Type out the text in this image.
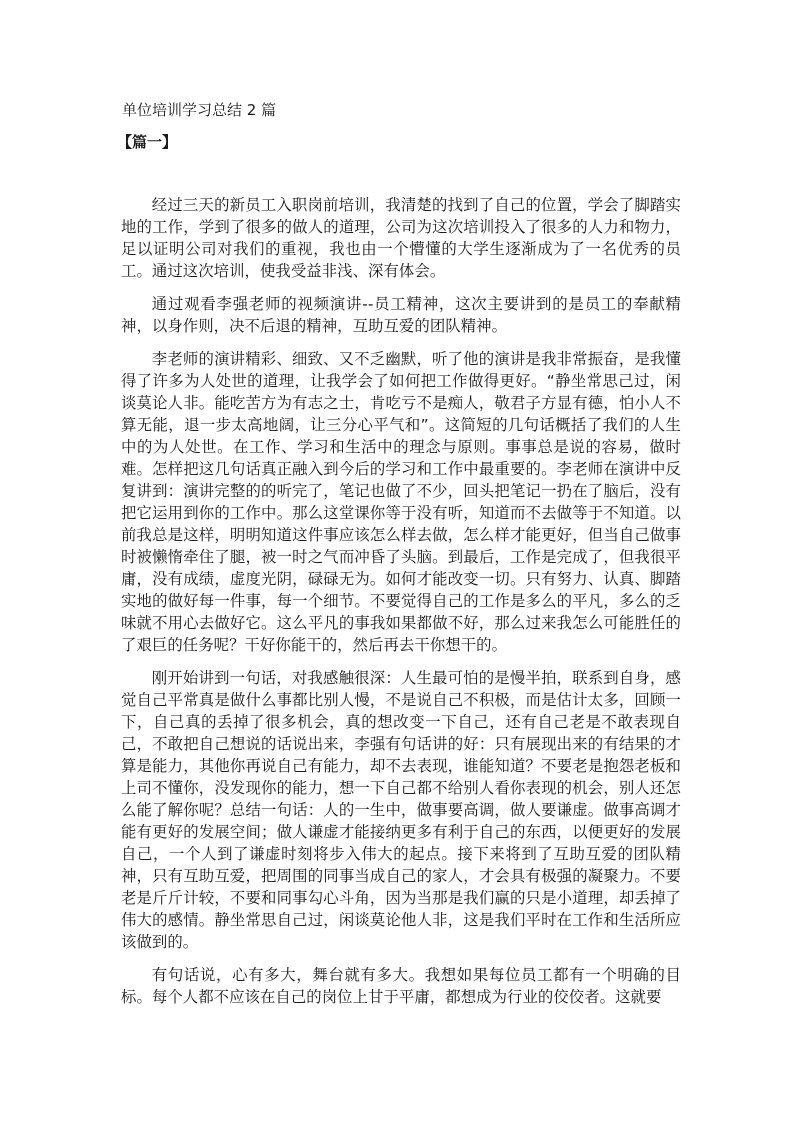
单位培训学习总结 2 篇
【篇一】

经过三天的新员工入职岗前培训，我清楚的找到了自己的位置，学会了脚踏实地的工作，学到了很多的做人的道理，公司为这次培训投入了很多的人力和物力，足以证明公司对我们的重视，我也由一个懵懂的大学生逐渐成为了一名优秀的员工。通过这次培训，使我受益非浅、深有体会。

通过观看李强老师的视频演讲--员工精神，这次主要讲到的是员工的奉献精神，以身作则，决不后退的精神，互助互爱的团队精神。

李老师的演讲精彩、细致、又不乏幽默，听了他的演讲是我非常振奋，是我懂得了许多为人处世的道理，让我学会了如何把工作做得更好。“静坐常思己过，闲谈莫论人非。能吃苦方为有志之士，肯吃亏不是痴人，敬君子方显有德，怕小人不算无能，退一步太高地阔，让三分心平气和”。这简短的几句话概括了我们的人生中的为人处世。在工作、学习和生活中的理念与原则。事事总是说的容易，做时难。怎样把这几句话真正融入到今后的学习和工作中最重要的。李老师在演讲中反复讲到：演讲完整的的听完了，笔记也做了不少，回头把笔记一扔在了脑后，没有把它运用到你的工作中。那么这堂课你等于没有听，知道而不去做等于不知道。以前我总是这样，明明知道这件事应该怎么样去做，怎么样才能更好，但当自己做事时被懒惰牵住了腿，被一时之气而冲昏了头脑。到最后，工作是完成了，但我很平庸，没有成绩，虚度光阴，碌碌无为。如何才能改变一切。只有努力、认真、脚踏实地的做好每一件事，每一个细节。不要觉得自己的工作是多么的平凡，多么的乏味就不用心去做好它。这么平凡的事我如果都做不好，那么过来我怎么可能胜任的了艰巨的任务呢？干好你能干的，然后再去干你想干的。

刚开始讲到一句话，对我感触很深：人生最可怕的是慢半拍，联系到自身，感觉自己平常真是做什么事都比别人慢，不是说自己不积极，而是估计太多，回顾一下，自己真的丢掉了很多机会，真的想改变一下自己，还有自己老是不敢表现自己，不敢把自己想说的话说出来，李强有句话讲的好：只有展现出来的有结果的才算是能力，其他你再说自己有能力，却不去表现，谁能知道？不要老是抱怨老板和上司不懂你，没发现你的能力，想一下自己都不给别人看你表现的机会，别人还怎么能了解你呢？总结一句话：人的一生中，做事要高调，做人要谦虚。做事高调才能有更好的发展空间；做人谦虚才能接纳更多有利于自己的东西，以便更好的发展自己，一个人到了谦虚时刻将步入伟大的起点。接下来将到了互助互爱的团队精神，只有互助互爱，把周围的同事当成自己的家人，才会具有极强的凝聚力。不要老是斤斤计较，不要和同事勾心斗角，因为当那是我们赢的只是小道理，却丢掉了伟大的感情。静坐常思自己过，闲谈莫论他人非，这是我们平时在工作和生活所应该做到的。

有句话说，心有多大，舞台就有多大。我想如果每位员工都有一个明确的目标。每个人都不应该在自己的岗位上甘于平庸，都想成为行业的佼佼者。这就要
